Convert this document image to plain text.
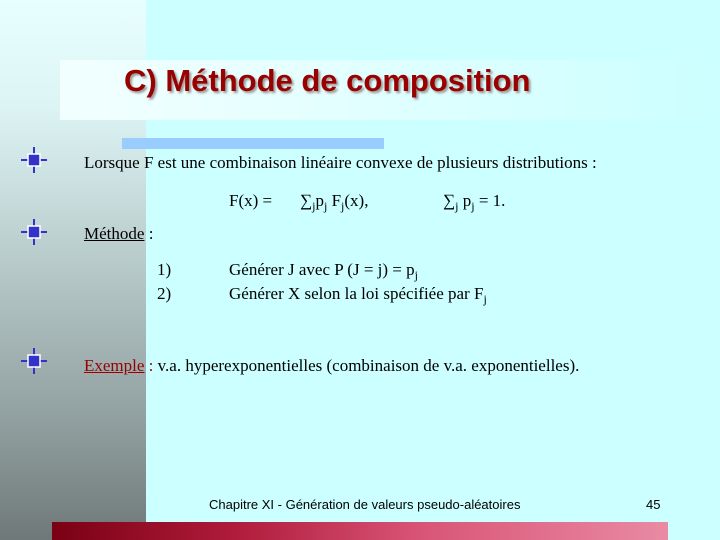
C) Méthode de composition

Lorsque F est une combinaison linéaire convexe de plusieurs distributions :

$F(x) = \sum_jp_j$ $F_j(x)$,	$\sum_j$ $p_j = 1$.

Méthode :

1)	Générer J avec P $(J = j) = p_j$

2)	Générer X selon la loi spécifiée par $F_j$

Exemple : v.a. hyperexponentielles (combinaison de v.a. exponentielles).

Chapitre XI - Génération de valeurs pseudo-aléatoires	45
